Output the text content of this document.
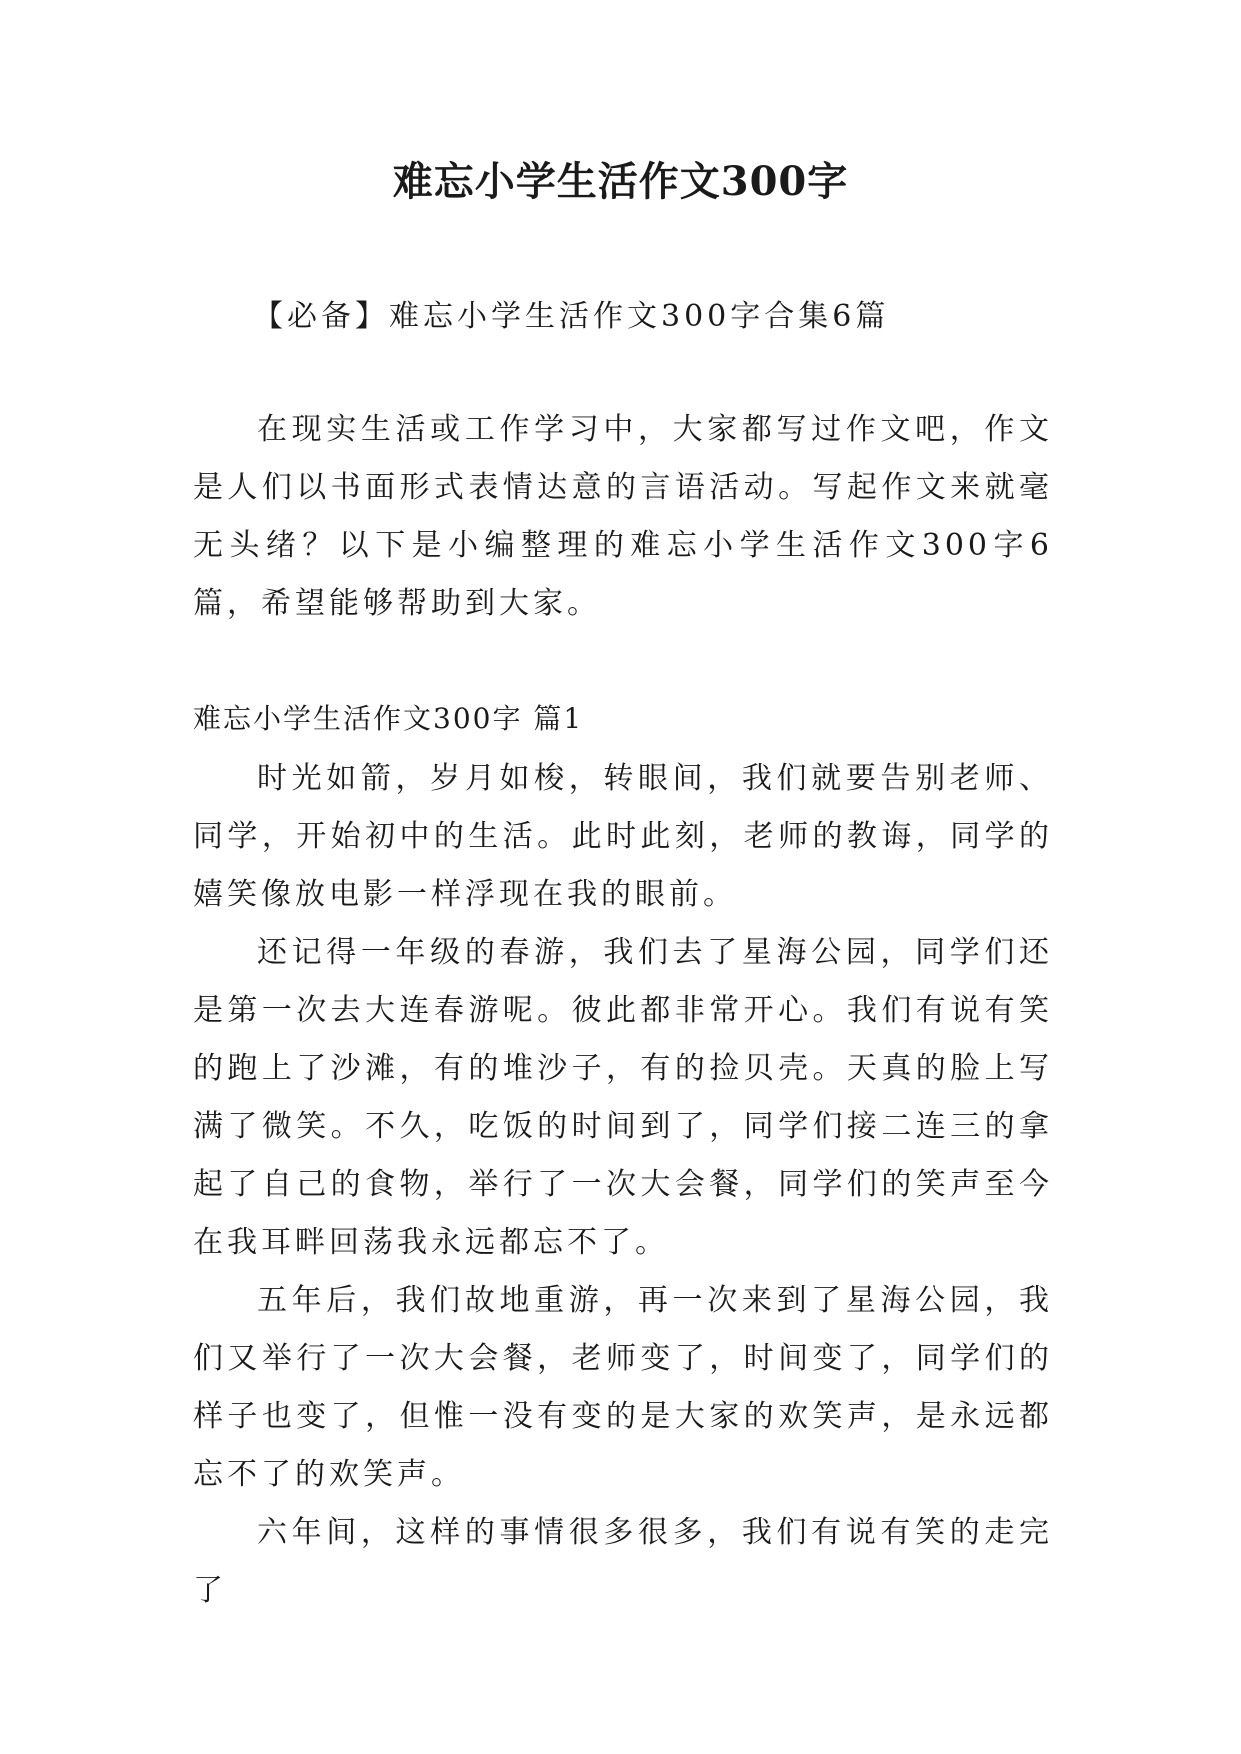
难忘小学生活作文300字

【必备】难忘小学生活作文300字合集6篇

在现实生活或工作学习中，大家都写过作文吧，作文是人们以书面形式表情达意的言语活动。写起作文来就毫无头绪？以下是小编整理的难忘小学生活作文300字6篇，希望能够帮助到大家。

难忘小学生活作文300字 篇1

时光如箭，岁月如梭，转眼间，我们就要告别老师、同学，开始初中的生活。此时此刻，老师的教诲，同学的嬉笑像放电影一样浮现在我的眼前。

还记得一年级的春游，我们去了星海公园，同学们还是第一次去大连春游呢。彼此都非常开心。我们有说有笑的跑上了沙滩，有的堆沙子，有的捡贝壳。天真的脸上写满了微笑。不久，吃饭的时间到了，同学们接二连三的拿起了自己的食物，举行了一次大会餐，同学们的笑声至今在我耳畔回荡我永远都忘不了。

五年后，我们故地重游，再一次来到了星海公园，我们又举行了一次大会餐，老师变了，时间变了，同学们的样子也变了，但惟一没有变的是大家的欢笑声，是永远都忘不了的欢笑声。

六年间，这样的事情很多很多，我们有说有笑的走完了
